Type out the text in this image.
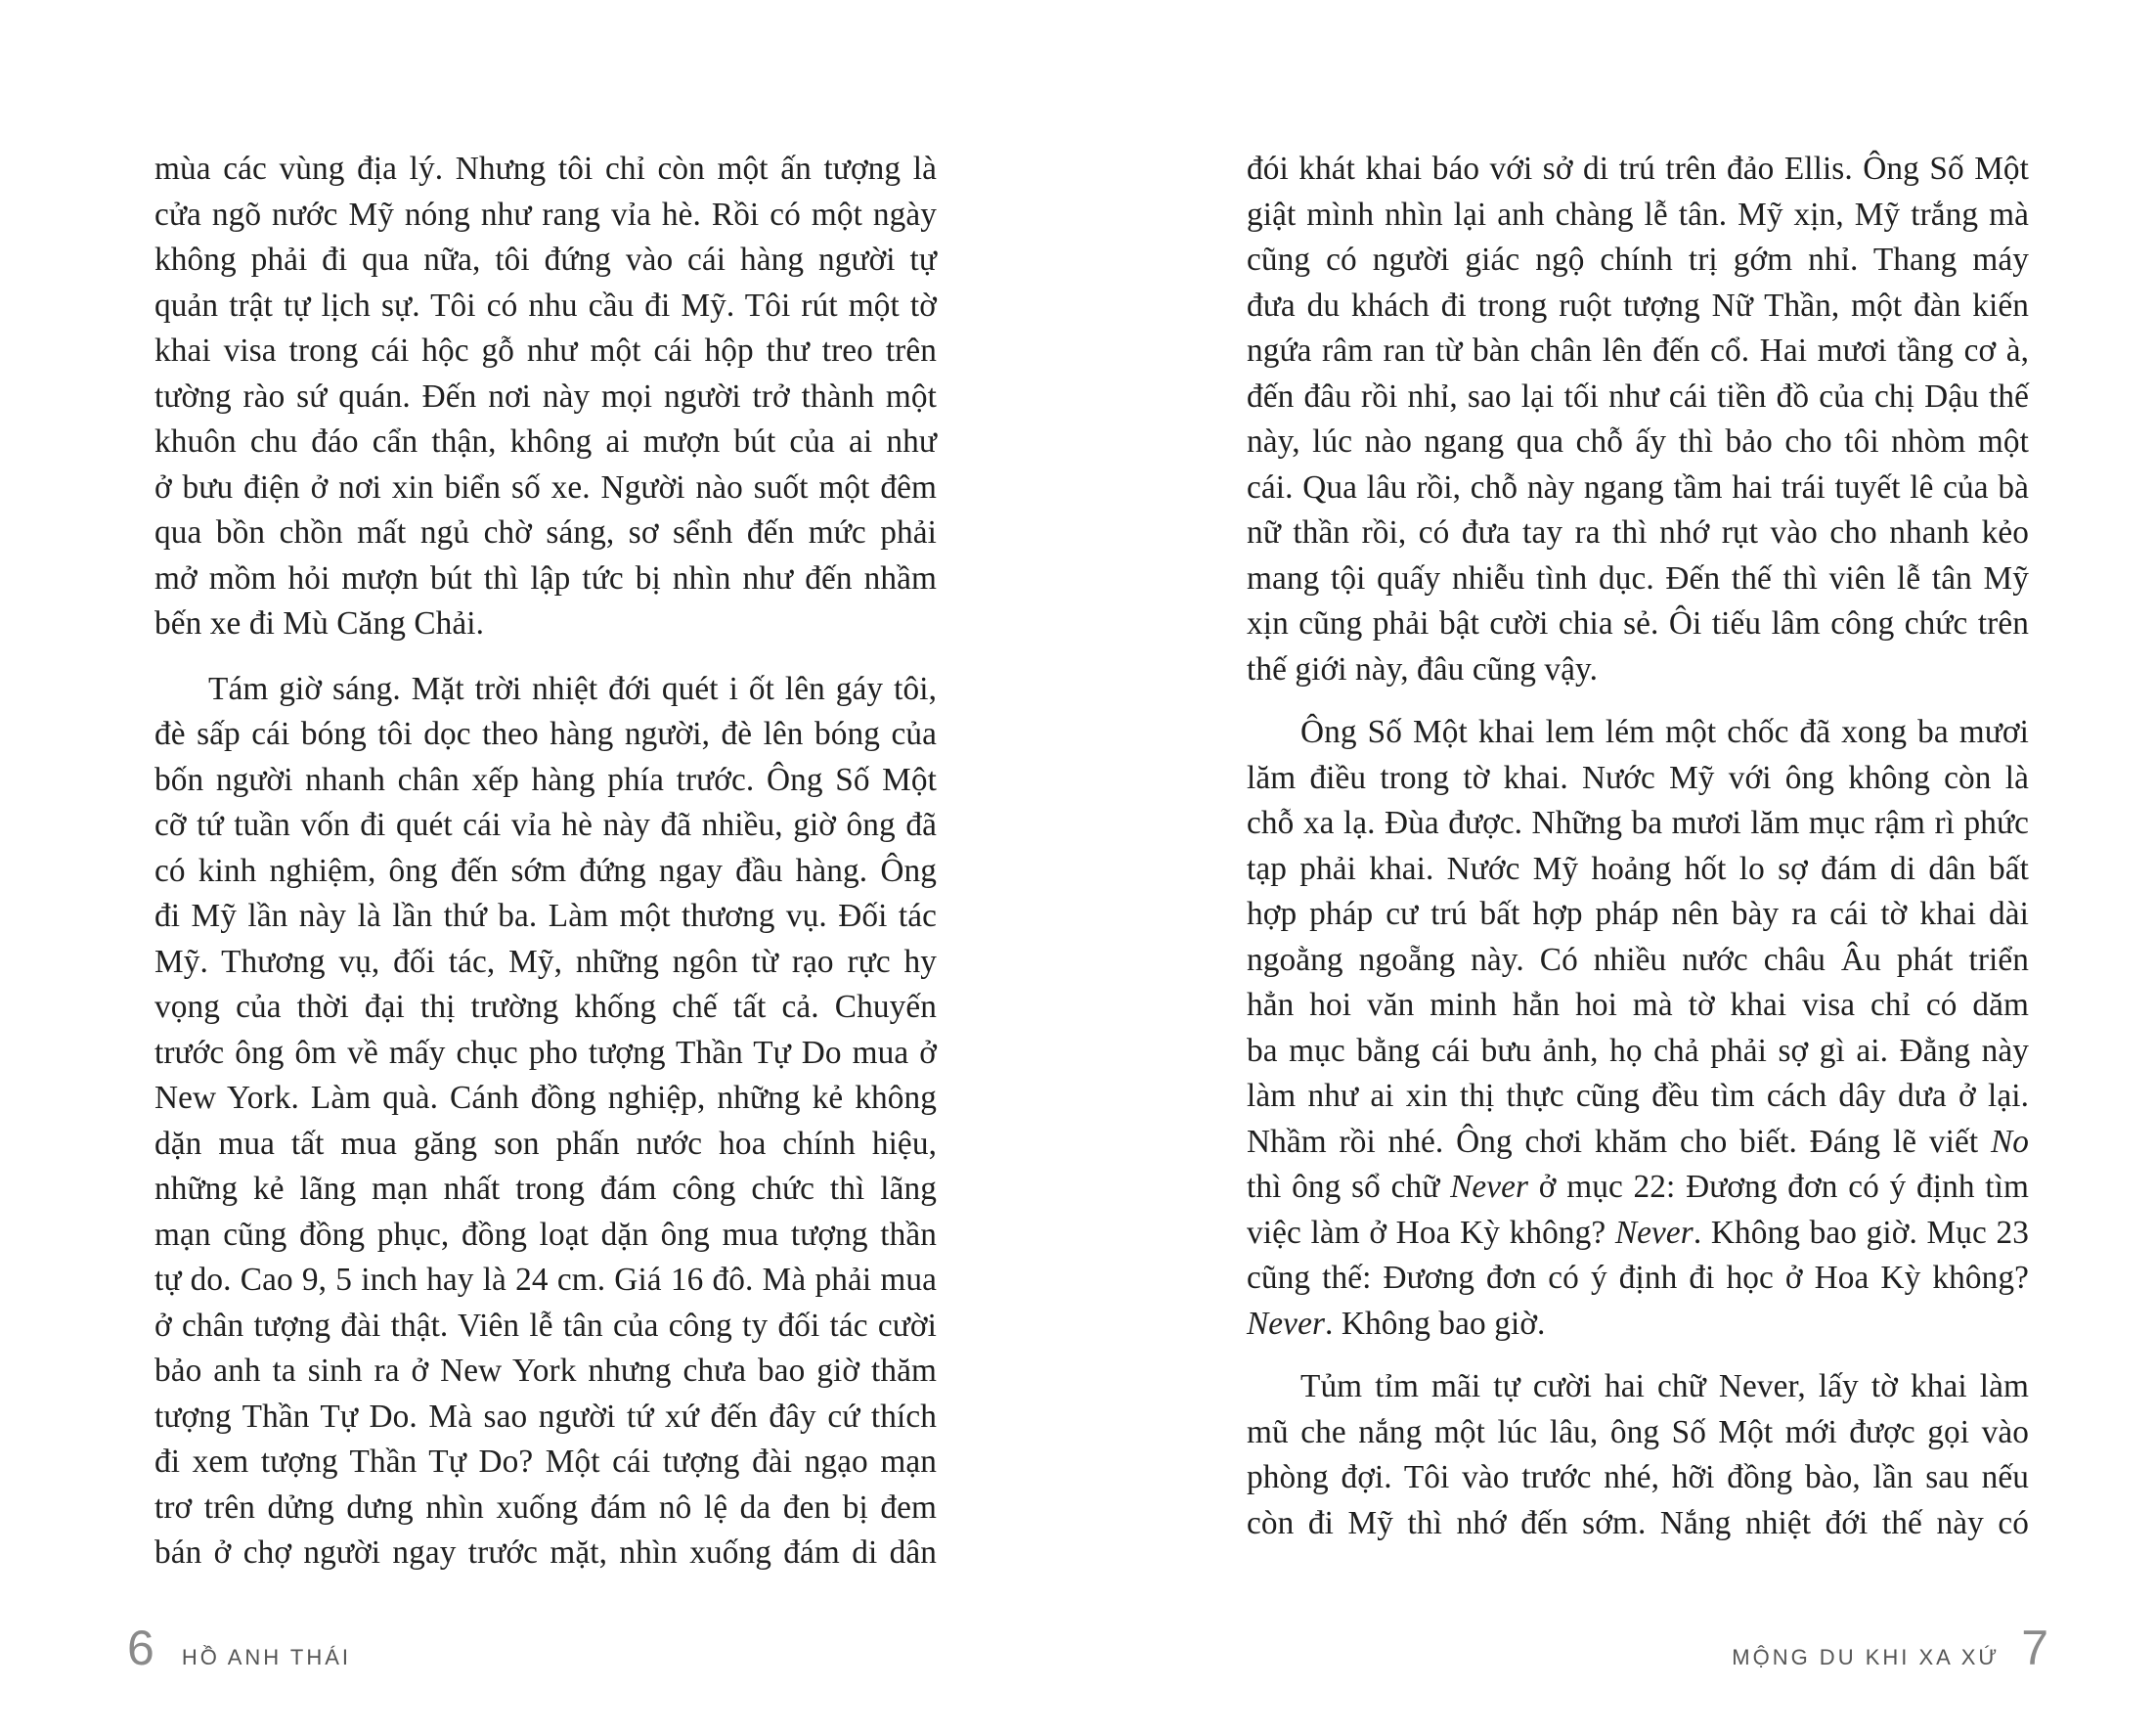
mùa các vùng địa lý. Nhưng tôi chỉ còn một ấn tượng là

cửa ngõ nước Mỹ nóng như rang vỉa hè. Rồi có một ngày

không phải đi qua nữa, tôi đứng vào cái hàng người tự

quản trật tự lịch sự. Tôi có nhu cầu đi Mỹ. Tôi rút một tờ

khai visa trong cái hộc gỗ như một cái hộp thư treo trên

tường rào sứ quán. Đến nơi này mọi người trở thành một

khuôn chu đáo cẩn thận, không ai mượn bút của ai như

ở bưu điện ở nơi xin biển số xe. Người nào suốt một đêm

qua bồn chồn mất ngủ chờ sáng, sơ sểnh đến mức phải

mở mồm hỏi mượn bút thì lập tức bị nhìn như đến nhầm

bến xe đi Mù Căng Chải.

Tám giờ sáng. Mặt trời nhiệt đới quét i ốt lên gáy tôi,

đè sấp cái bóng tôi dọc theo hàng người, đè lên bóng của

bốn người nhanh chân xếp hàng phía trước. Ông Số Một

cỡ tứ tuần vốn đi quét cái vỉa hè này đã nhiều, giờ ông đã

có kinh nghiệm, ông đến sớm đứng ngay đầu hàng. Ông

đi Mỹ lần này là lần thứ ba. Làm một thương vụ. Đối tác

Mỹ. Thương vụ, đối tác, Mỹ, những ngôn từ rạo rực hy

vọng của thời đại thị trường khống chế tất cả. Chuyến

trước ông ôm về mấy chục pho tượng Thần Tự Do mua ở

New York. Làm quà. Cánh đồng nghiệp, những kẻ không

dặn mua tất mua găng son phấn nước hoa chính hiệu,

những kẻ lãng mạn nhất trong đám công chức thì lãng

mạn cũng đồng phục, đồng loạt dặn ông mua tượng thần

tự do. Cao 9, 5 inch hay là 24 cm. Giá 16 đô. Mà phải mua

ở chân tượng đài thật. Viên lễ tân của công ty đối tác cười

bảo anh ta sinh ra ở New York nhưng chưa bao giờ thăm

tượng Thần Tự Do. Mà sao người tứ xứ đến đây cứ thích

đi xem tượng Thần Tự Do? Một cái tượng đài ngạo mạn

trơ trên dửng dưng nhìn xuống đám nô lệ da đen bị đem

bán ở chợ người ngay trước mặt, nhìn xuống đám di dân

đói khát khai báo với sở di trú trên đảo Ellis. Ông Số Một

giật mình nhìn lại anh chàng lễ tân. Mỹ xịn, Mỹ trắng mà

cũng có người giác ngộ chính trị gớm nhỉ. Thang máy

đưa du khách đi trong ruột tượng Nữ Thần, một đàn kiến

ngứa râm ran từ bàn chân lên đến cổ. Hai mươi tầng cơ à,

đến đâu rồi nhỉ, sao lại tối như cái tiền đồ của chị Dậu thế

này, lúc nào ngang qua chỗ ấy thì bảo cho tôi nhòm một

cái. Qua lâu rồi, chỗ này ngang tầm hai trái tuyết lê của bà

nữ thần rồi, có đưa tay ra thì nhớ rụt vào cho nhanh kẻo

mang tội quấy nhiễu tình dục. Đến thế thì viên lễ tân Mỹ

xịn cũng phải bật cười chia sẻ. Ôi tiếu lâm công chức trên

thế giới này, đâu cũng vậy.

Ông Số Một khai lem lém một chốc đã xong ba mươi

lăm điều trong tờ khai. Nước Mỹ với ông không còn là

chỗ xa lạ. Đùa được. Những ba mươi lăm mục rậm rì phức

tạp phải khai. Nước Mỹ hoảng hốt lo sợ đám di dân bất

hợp pháp cư trú bất hợp pháp nên bày ra cái tờ khai dài

ngoằng ngoẵng này. Có nhiều nước châu Âu phát triển

hẳn hoi văn minh hẳn hoi mà tờ khai visa chỉ có dăm

ba mục bằng cái bưu ảnh, họ chả phải sợ gì ai. Đằng này

làm như ai xin thị thực cũng đều tìm cách dây dưa ở lại.

Nhầm rồi nhé. Ông chơi khăm cho biết. Đáng lẽ viết No

thì ông sổ chữ Never ở mục 22: Đương đơn có ý định tìm

việc làm ở Hoa Kỳ không? Never. Không bao giờ. Mục 23

cũng thế: Đương đơn có ý định đi học ở Hoa Kỳ không?

Never. Không bao giờ.

Tủm tỉm mãi tự cười hai chữ Never, lấy tờ khai làm

mũ che nắng một lúc lâu, ông Số Một mới được gọi vào

phòng đợi. Tôi vào trước nhé, hỡi đồng bào, lần sau nếu

còn đi Mỹ thì nhớ đến sớm. Nắng nhiệt đới thế này có

6 HỒ ANH THÁI	MỘNG DU KHI XA XỨ 7
